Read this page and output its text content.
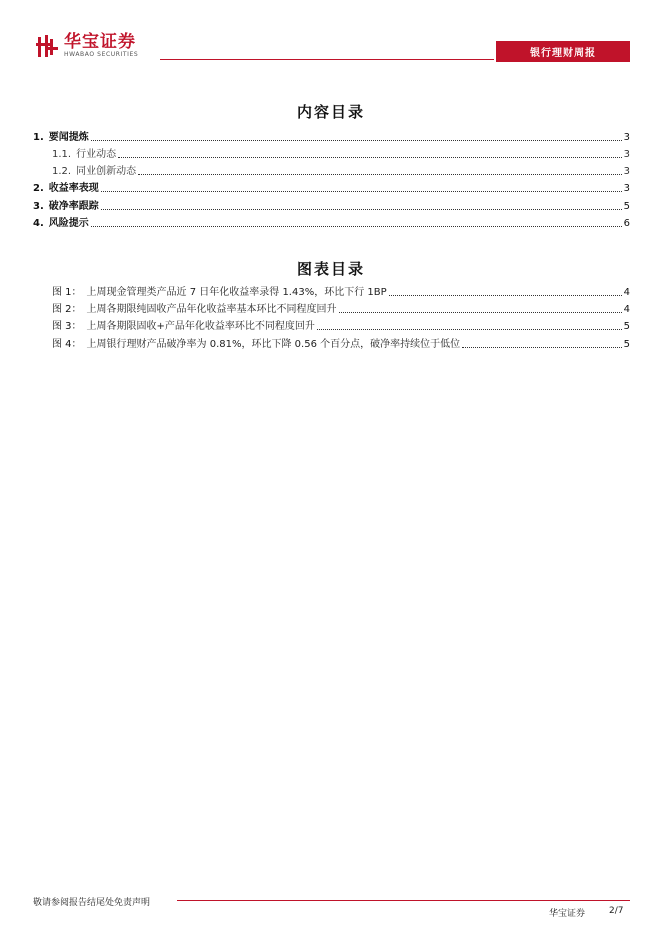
华宝证券
HWABAO SECURITIES	银行理财周报
内容目录
1. 要闻提炼	3
1.1. 行业动态	3
1.2. 同业创新动态	3
2. 收益率表现	3
3. 破净率跟踪	5
4. 风险提示	6
图表目录
图 1： 上周现金管理类产品近 7 日年化收益率录得 1.43%，环比下行 1BP	4
图 2： 上周各期限纯固收产品年化收益率基本环比不同程度回升	4
图 3： 上周各期限固收+产品年化收益率环比不同程度回升	5
图 4： 上周银行理财产品破净率为 0.81%，环比下降 0.56 个百分点，破净率持续位于低位	5
敬请参阅报告结尾处免责声明
华宝证券	2/7
